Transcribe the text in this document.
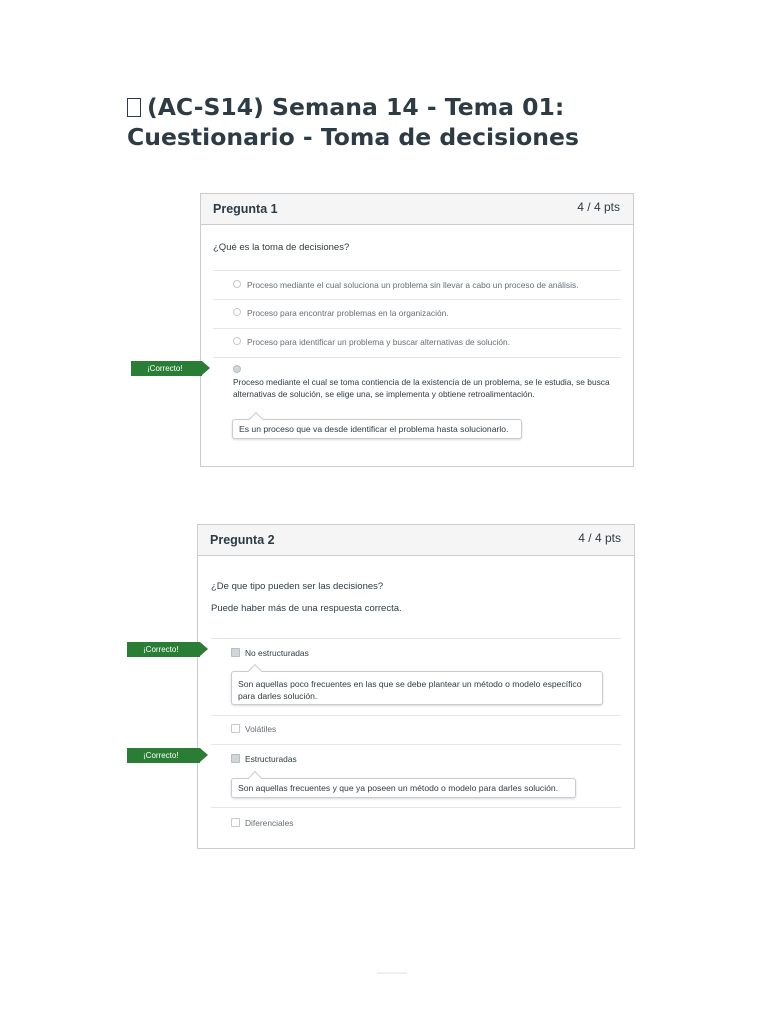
(AC-S14) Semana 14 - Tema 01: Cuestionario - Toma de decisiones
Pregunta 1	4 / 4 pts
¿Qué es la toma de decisiones?
Proceso mediante el cual soluciona un problema sin llevar a cabo un proceso de análisis.
Proceso para encontrar problemas en la organización.
Proceso para identificar un problema y buscar alternativas de solución.
Proceso mediante el cual se toma contiencia de la existencia de un problema, se le estudia, se busca alternativas de solución, se elige una, se implementa y obtiene retroalimentación.
Es un proceso que va desde identificar el problema hasta solucionarlo.
¡Correcto!
Pregunta 2	4 / 4 pts
¿De que tipo pueden ser las decisiones?
Puede haber más de una respuesta correcta.
No estructuradas
Son aquellas poco frecuentes en las que se debe plantear un método o modelo específico para darles solución.
Volátiles
Estructuradas
Son aquellas frecuentes y que ya poseen un método o modelo para darles solución.
Diferenciales
¡Correcto!
¡Correcto!
